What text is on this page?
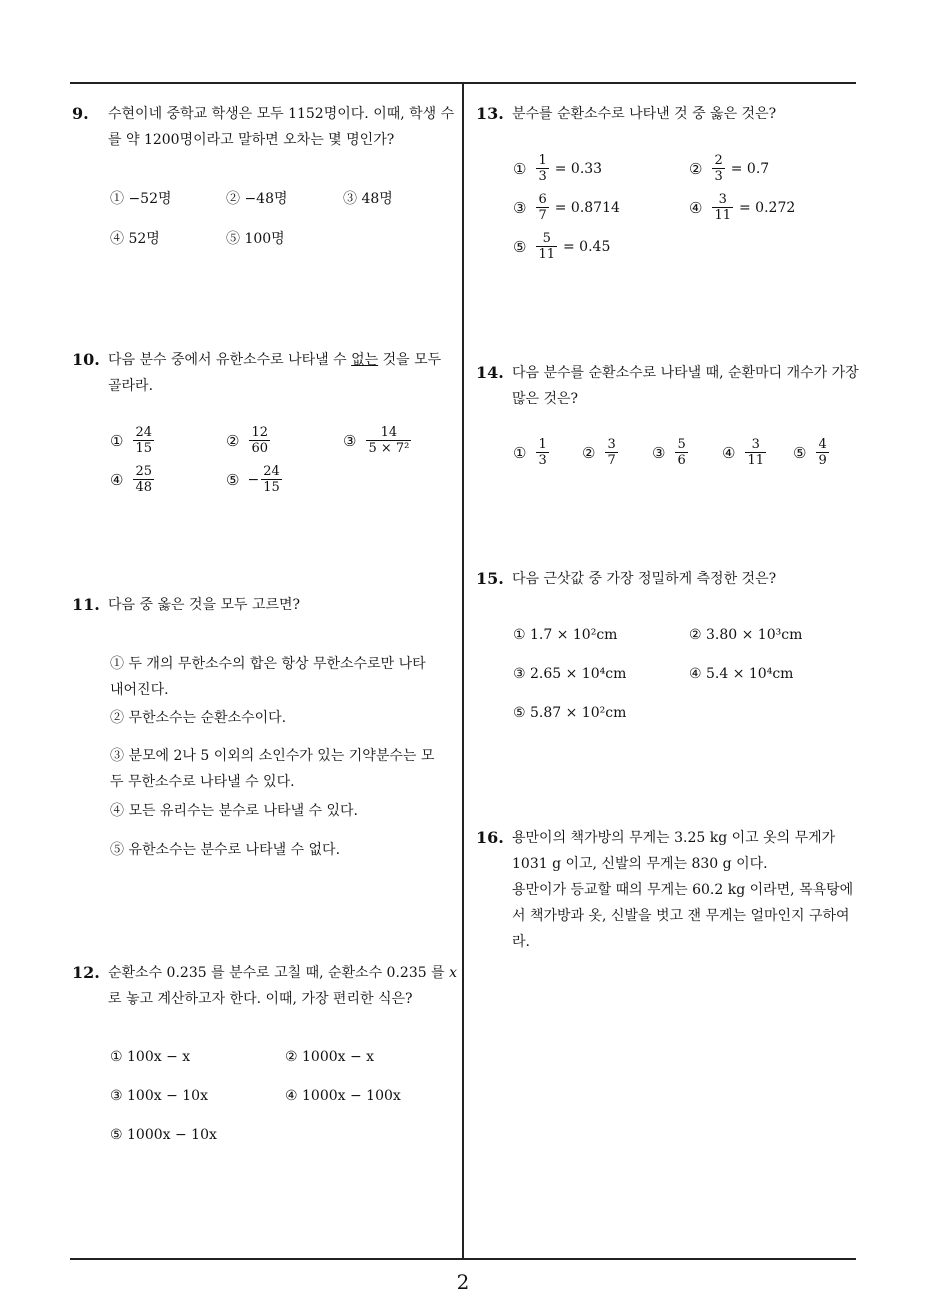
2
9.	수현이네 중학교 학생은 모두 1152명이다. 이때, 학생 수를 약 1200명이라고 말하면 오차는 몇 명인가?
① −52명	② −48명	③ 48명
④ 52명	⑤ 100명
10. 다음 분수 중에서 유한소수로 나타낼 수 없는 것을 모두 골라라.
① $\frac{24}{15}$	② $\frac{12}{60}$	③ $\frac{14}{\text{5 × 7²}}$
④ $\frac{25}{48}$	⑤ − $\frac{24}{15}$
11. 다음 중 옳은 것을 모두 고르면?
① 두 개의 무한소수의 합은 항상 무한소수로만 나타내어진다.
② 무한소수는 순환소수이다.
③ 분모에 2나 5 이외의 소인수가 있는 기약분수는 모두 무한소수로 나타낼 수 있다.
④ 모든 유리수는 분수로 나타낼 수 있다.
⑤ 유한소수는 분수로 나타낼 수 없다.
12. 순환소수 0.235 를 분수로 고칠 때, 순환소수 0.235 를 x 로 놓고 계산하고자 한다. 이때, 가장 편리한 식은?
① 100x − x	② 1000x − x
③ 100x − 10x	④ 1000x − 100x
⑤ 1000x − 10x
13. 분수를 순환소수로 나타낸 것 중 옳은 것은?
① $\frac{1}{3}$ = 0.33̇	② $\frac{2}{3}$ = 0.7̇
③ $\frac{6}{7}$ = 0.8̇714̇	④ $\frac{3}{11}$ = 0.2̇72̇
⑤ $\frac{5}{11}$ = 0.4̇5̇
14. 다음 분수를 순환소수로 나타낼 때, 순환마디 개수가 가장 많은 것은?
① $\frac{1}{3}$ ② $\frac{3}{7}$ ③ $\frac{5}{6}$ ④ $\frac{3}{11}$ ⑤ $\frac{4}{9}$
15. 다음 근삿값 중 가장 정밀하게 측정한 것은?
① 1.7 × 10²cm	② 3.80 × 10³cm
③ 2.65 × 10⁴cm	④ 5.4 × 10⁴cm
⑤ 5.87 × 10²cm
16. 용만이의 책가방의 무게는 3.25 kg 이고 옷의 무게가 1031 g 이고, 신발의 무게는 830 g 이다.
용만이가 등교할 때의 무게는 60.2 kg 이라면, 목욕탕에서 책가방과 옷, 신발을 벗고 잰 무게는 얼마인지 구하여라.
